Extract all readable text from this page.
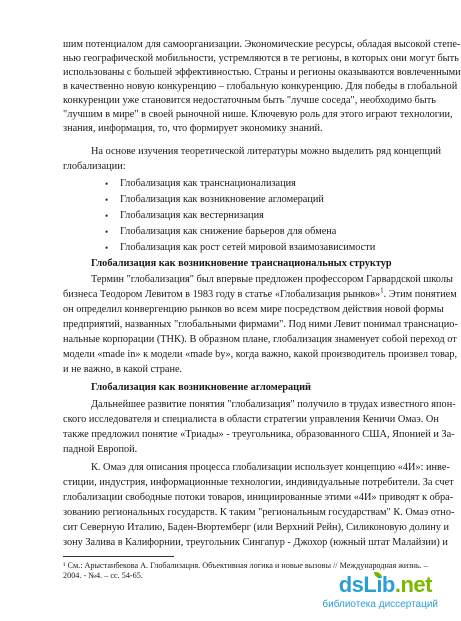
шим потенциалом для самоорганизации. Экономические ресурсы, обладая высокой степе-
нью географической мобильности, устремляются в те регионы, в которых они могут быть
использованы с большей эффективностью. Страны и регионы оказываются вовлеченными
в качественно новую конкуренцию – глобальную конкуренцию. Для победы в глобальной
конкуренции уже становится недостаточным быть "лучше соседа", необходимо быть
"лучшим в мире" в своей рыночной нише. Ключевую роль для этого играют технологии,
знания, информация, то, что формирует экономику знаний.
На основе изучения теоретической литературы можно выделить ряд концепций
глобализации:
• Глобализация как транснационализация
• Глобализация как возникновение агломераций
• Глобализация как вестернизация
• Глобализация как снижение барьеров для обмена
• Глобализация как рост сетей мировой взаимозависимости
Глобализация как возникновение транснациональных структур
Термин "глобализация" был впервые предложен профессором Гарвардской школы
бизнеса Теодором Левитом в 1983 году в статье «Глобализация рынков»$^1$. Этим понятием
он определил конвергенцию рынков во всем мире посредством действия новой формы
предприятий, названных "глобальными фирмами". Под ними Левит понимал транснацио-
нальные корпорации (ТНК). В образном плане, глобализация знаменует собой переход от
модели «made in» к модели «made by», когда важно, какой производитель произвел товар,
и не важно, в какой стране.
Глобализация как возникновение агломераций
Дальнейшее развитие понятия "глобализация" получило в трудах известного япон-
ского исследователя и специалиста в области стратегии управления Кеничи Омаэ. Он
также предложил понятие «Триады» - треугольника, образованного США, Японией и За-
падной Европой.
К. Омаэ для описания процесса глобализации использует концепцию «4И»: инве-
стиции, индустрия, информационные технологии, индивидуальные потребители. За счет
глобализации свободные потоки товаров, инициированные этими «4И» приводят к обра-
зованию региональных государств. К таким "региональным государствам" К. Омаэ отно-
сит Северную Италию, Баден-Вюртемберг (или Верхний Рейн), Силиконовую долину и
зону Залива в Калифорнии, треугольник Сингапур - Джохор (южный штат Малайзии) и
¹ См.: Арыстанбекова А. Глобализация. Объективная логика и новые вызовы // Международная жизнь. –
2004. - №4. – сс. 54-65.	dsLib.net
библиотека диссертаций
